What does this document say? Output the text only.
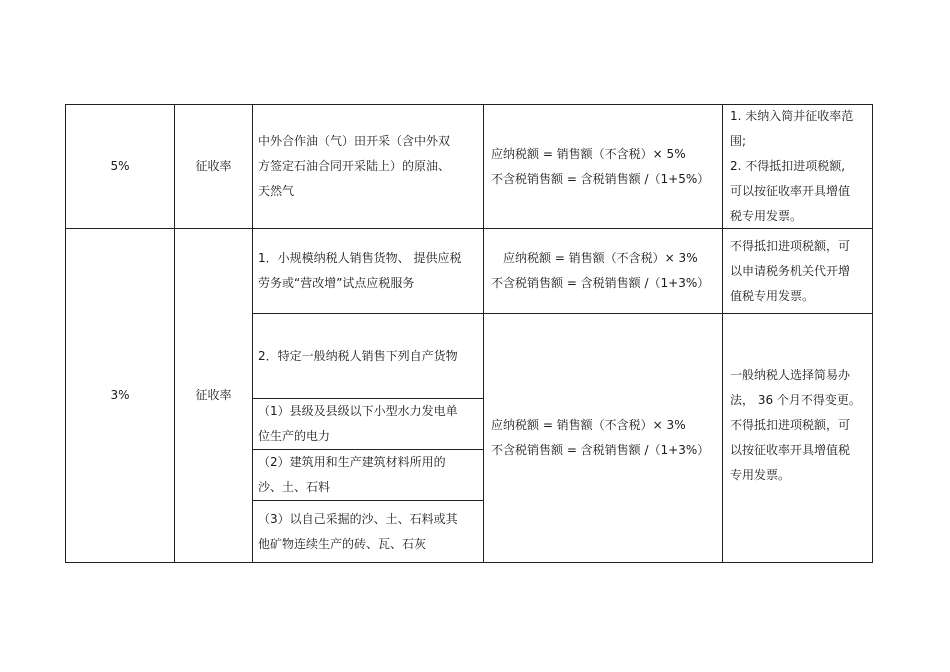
5%	征收率
中外合作油（气）田开采（含中外双
方签定石油合同开采陆上）的原油、
天然气
应纳税额 = 销售额（不含税）× 5%
不含税销售额 = 含税销售额 /（1+5%）
1. 未纳入简并征收率范
围;
2. 不得抵扣进项税额,
可以按征收率开具增值
税专用发票。
3%	征收率
1．小规模纳税人销售货物、 提供应税
劳务或“营改增”试点应税服务
应纳税额 = 销售额（不含税）× 3%
不含税销售额 = 含税销售额 /（1+3%）
不得抵扣进项税额，可
以申请税务机关代开增
值税专用发票。
2．特定一般纳税人销售下列自产货物
（1）县级及县级以下小型水力发电单
位生产的电力
（2）建筑用和生产建筑材料所用的
沙、土、石料
（3）以自己采掘的沙、土、石料或其
他矿物连续生产的砖、瓦、石灰
应纳税额 = 销售额（不含税）× 3%
不含税销售额 = 含税销售额 /（1+3%）
一般纳税人选择简易办
法， 36 个月不得变更。
不得抵扣进项税额，可
以按征收率开具增值税
专用发票。
